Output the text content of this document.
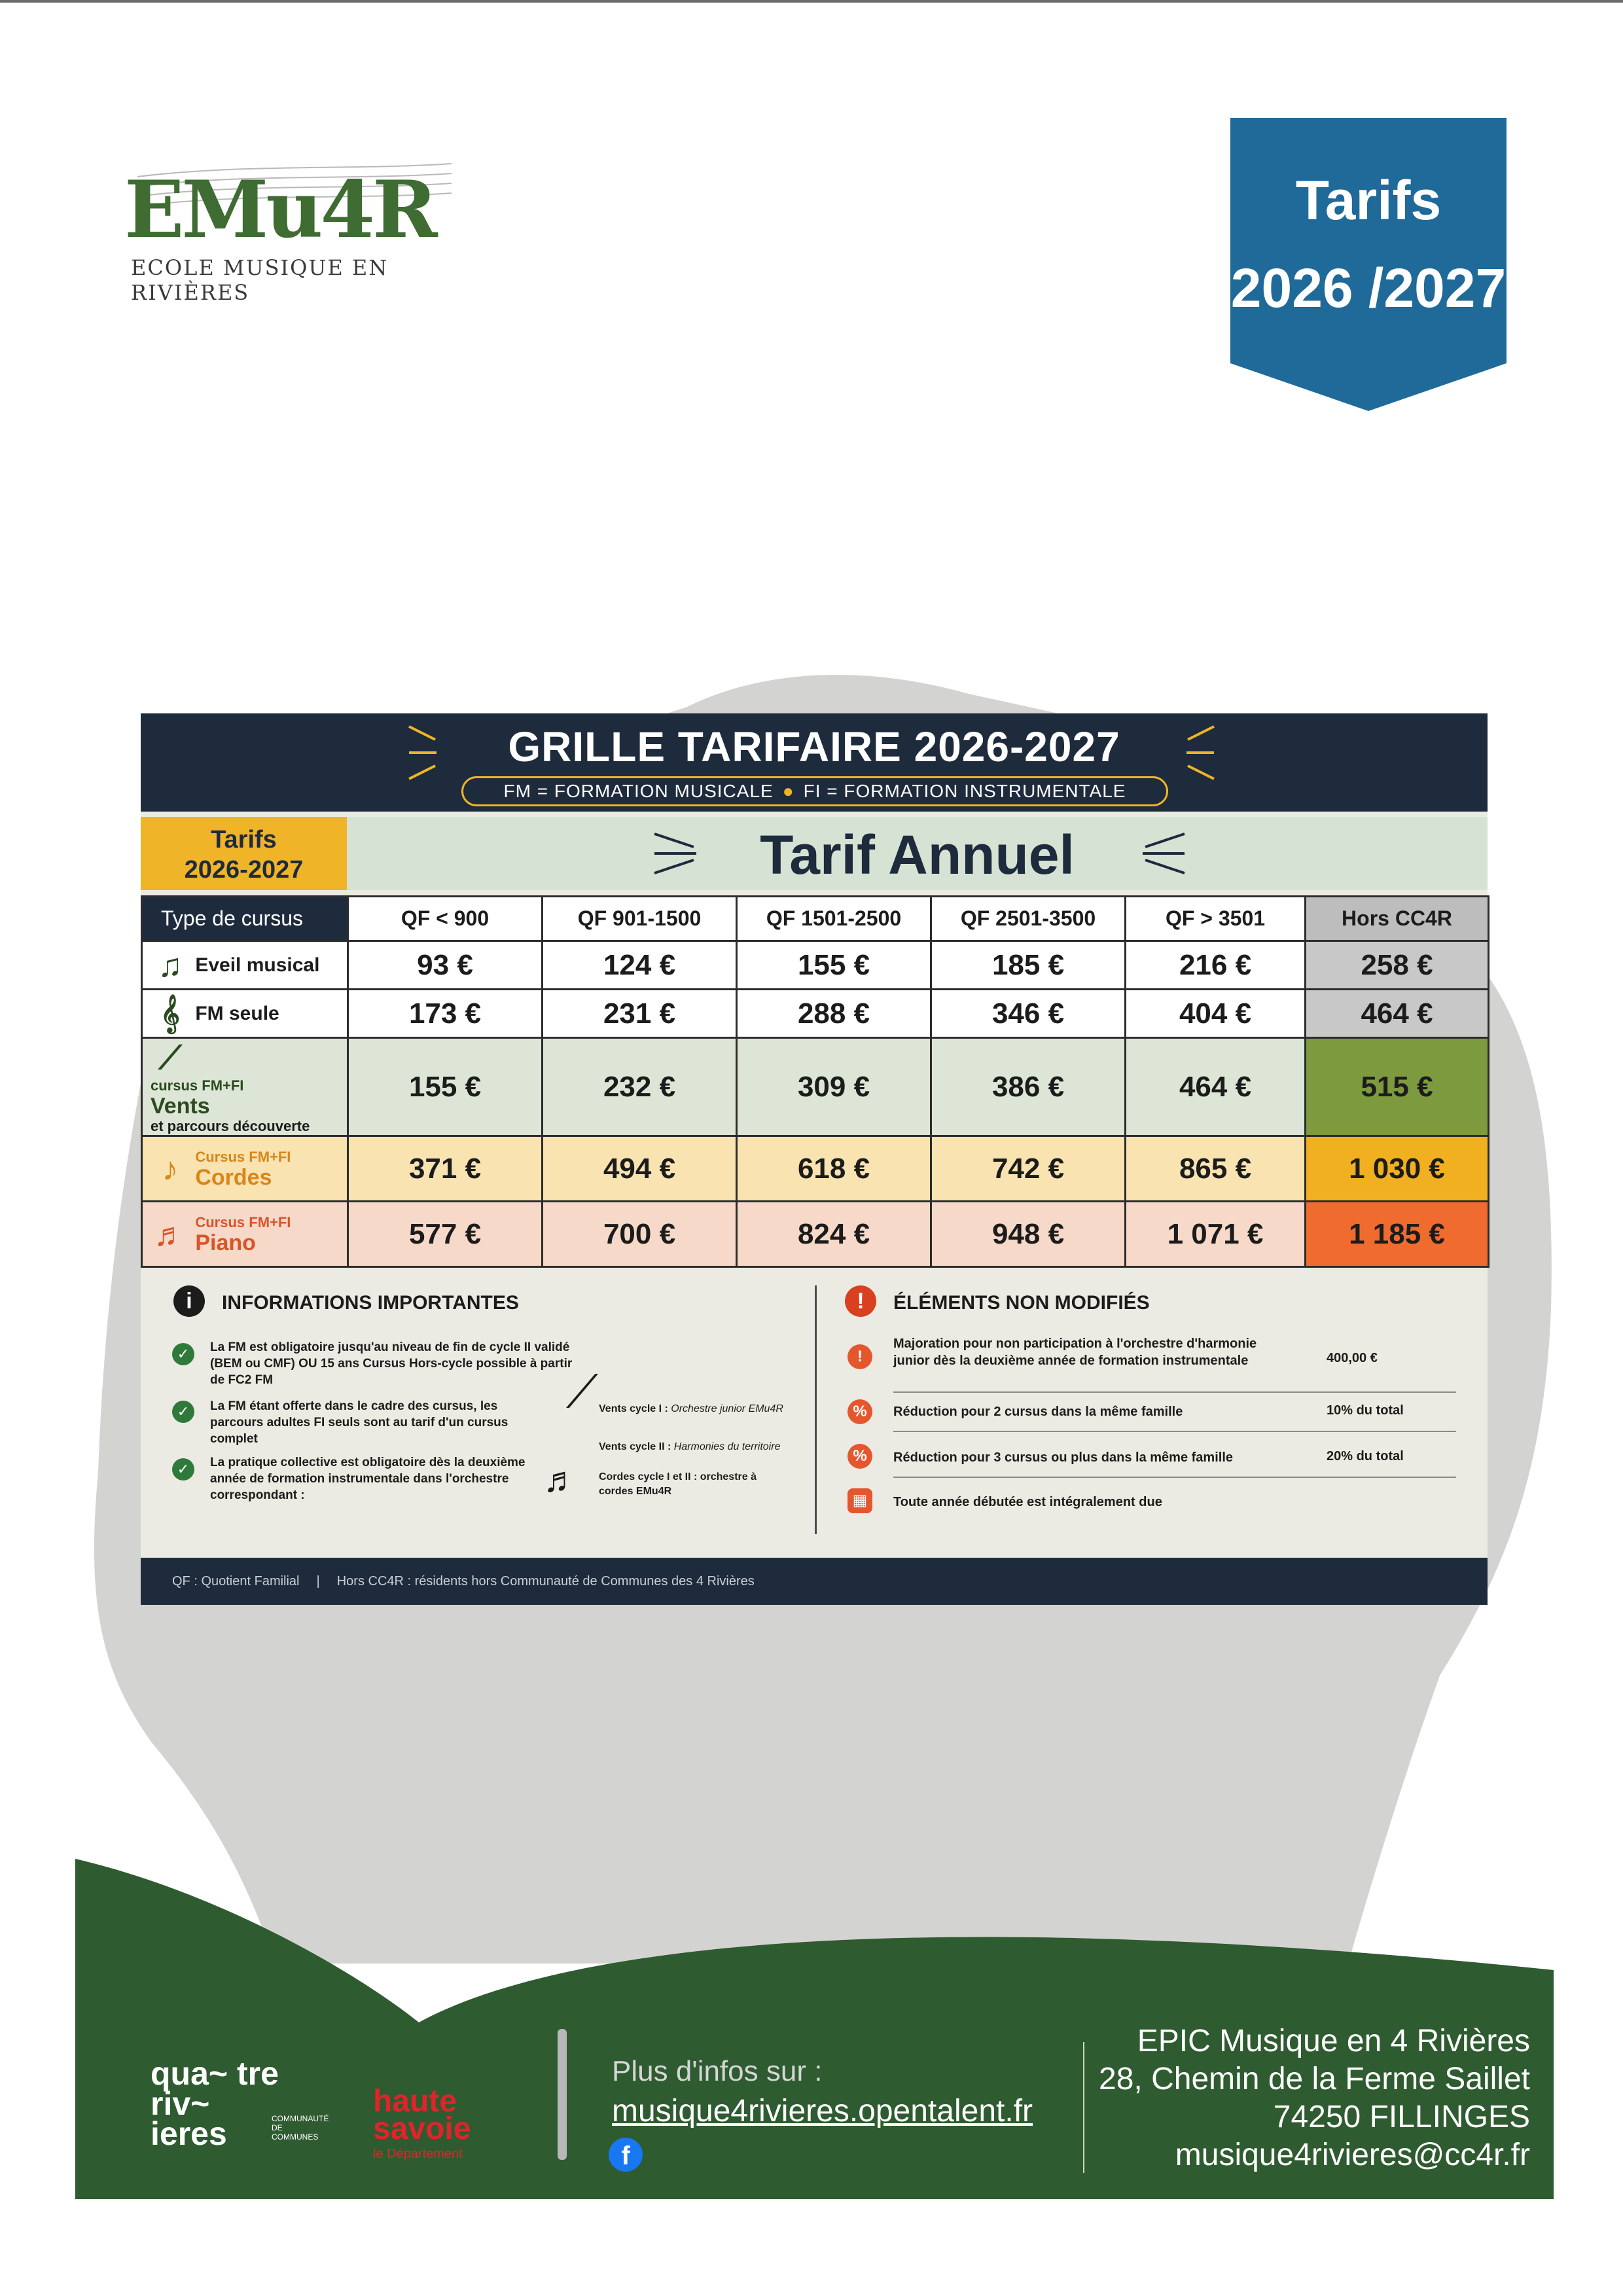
EMu4R
ECOLE MUSIQUE EN RIVIÈRES
Tarifs
2026 /2027
GRILLE TARIFAIRE 2026-2027
FM = FORMATION MUSICALE ● FI = FORMATION INSTRUMENTALE
Tarifs
2026-2027	Tarif Annuel
Type de cursus	QF < 900	QF 901-1500	QF 1501-2500	QF 2501-3500	QF > 3501	Hors CC4R
♫ Eveil musical	93 €	124 €	155 €	185 €	216 €	258 €
𝄞 FM seule	173 €	231 €	288 €	346 €	404 €	464 €
⟋
cursus FM+FI
Vents
et parcours découverte	155 €	232 €	309 €	386 €	464 €	515 €
♪ Cursus FM+FI
Cordes	371 €	494 €	618 €	742 €	865 €	1 030 €
♬ Cursus FM+FI
Piano	577 €	700 €	824 €	948 €	1 071 €	1 185 €
i	INFORMATIONS IMPORTANTES
✓	La FM est obligatoire jusqu'au niveau de fin de cycle II validé (BEM ou CMF) OU 15 ans Cursus Hors-cycle possible à partir de FC2 FM
✓	La FM étant offerte dans le cadre des cursus, les parcours adultes FI seuls sont au tarif d'un cursus complet
✓	La pratique collective est obligatoire dès la deuxième année de formation instrumentale dans l'orchestre correspondant :
⟋ Vents cycle I : Orchestre junior EMu4R
Vents cycle II : Harmonies du territoire
♬ Cordes cycle I et II : orchestre à cordes EMu4R
!	ÉLÉMENTS NON MODIFIÉS
!
Majoration pour non participation à l'orchestre d'harmonie junior dès la deuxième année de formation instrumentale	400,00 €
%	Réduction pour 2 cursus dans la même famille	10% du total
%	Réduction pour 3 cursus ou plus dans la même famille	20% du total
▦	Toute année débutée est intégralement due
QF : Quotient Familial | Hors CC4R : résidents hors Communauté de Communes des 4 Rivières
qua~ tre riv~ ieres	COMMUNAUTÉ DE COMMUNES
haute
savoie
le Département
Plus d'infos sur :
musique4rivieres.opentalent.fr
f
EPIC Musique en 4 Rivières
28, Chemin de la Ferme Saillet
74250 FILLINGES
musique4rivieres@cc4r.fr
